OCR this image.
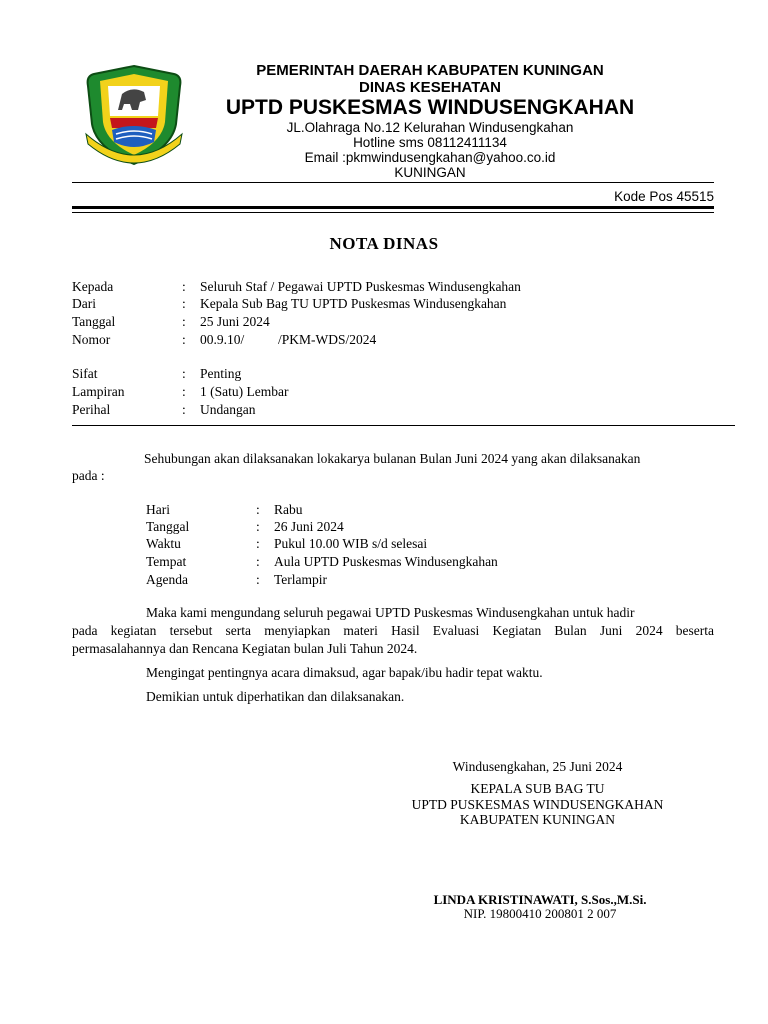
PEMERINTAH DAERAH KABUPATEN KUNINGAN
DINAS KESEHATAN
UPTD PUSKESMAS WINDUSENGKAHAN
JL.Olahraga No.12 Kelurahan Windusengkahan
Hotline sms 08112411134
Email :pkmwindusengkahan@yahoo.co.id
KUNINGAN
Kode Pos 45515
NOTA DINAS
Kepada	: Seluruh Staf / Pegawai UPTD Puskesmas Windusengkahan
Dari	: Kepala Sub Bag TU UPTD Puskesmas Windusengkahan
Tanggal	: 25 Juni 2024
Nomor	: 00.9.10/          /PKM-WDS/2024
Sifat	: Penting
Lampiran	: 1 (Satu) Lembar
Perihal	: Undangan
Sehubungan akan dilaksanakan lokakarya bulanan Bulan Juni 2024 yang akan dilaksanakan
pada :
Hari	: Rabu
Tanggal	: 26 Juni 2024
Waktu	: Pukul 10.00 WIB s/d selesai
Tempat	: Aula UPTD Puskesmas Windusengkahan
Agenda	: Terlampir
Maka kami mengundang seluruh pegawai UPTD Puskesmas Windusengkahan untuk hadir
pada kegiatan tersebut serta menyiapkan materi Hasil Evaluasi Kegiatan Bulan Juni 2024 beserta
permasalahannya dan Rencana Kegiatan bulan Juli Tahun 2024.
Mengingat pentingnya acara dimaksud, agar bapak/ibu hadir tepat waktu.
Demikian untuk diperhatikan dan dilaksanakan.
Windusengkahan, 25 Juni 2024
KEPALA SUB BAG TU
UPTD PUSKESMAS WINDUSENGKAHAN
KABUPATEN KUNINGAN
LINDA KRISTINAWATI, S.Sos.,M.Si.
NIP. 19800410 200801 2 007
